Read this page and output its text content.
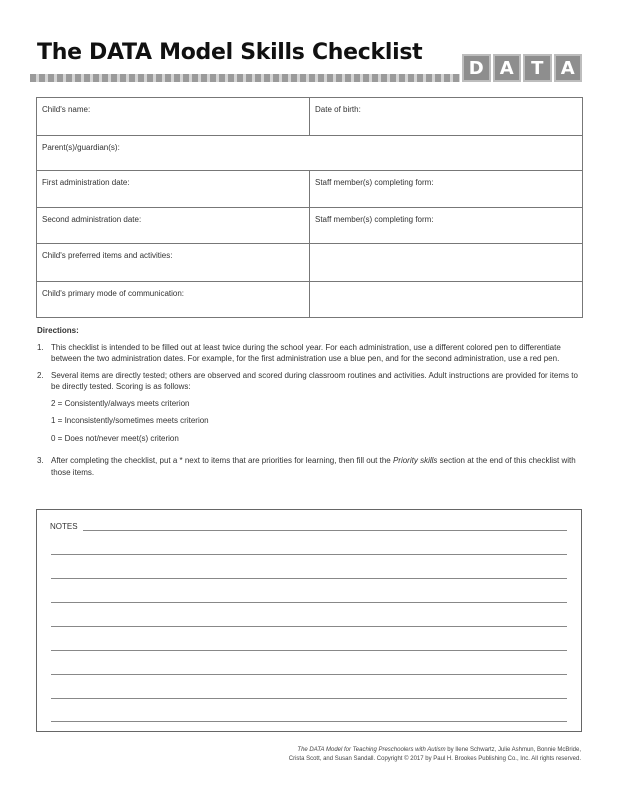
The DATA Model Skills Checklist
D A T A
Child's name:	Date of birth:
Parent(s)/guardian(s):	
First administration date:	Staff member(s) completing form:
Second administration date:	Staff member(s) completing form:
Child's preferred items and activities:	
Child's primary mode of communication:	
Directions:
1. This checklist is intended to be filled out at least twice during the school year. For each administration, use a different colored pen to differentiate between the two administration dates. For example, for the first administration use a blue pen, and for the second administration, use a red pen.
2. Several items are directly tested; others are observed and scored during classroom routines and activities. Adult instructions are provided for items to be directly tested. Scoring is as follows:
2 = Consistently/always meets criterion
1 = Inconsistently/sometimes meets criterion
0 = Does not/never meet(s) criterion
3. After completing the checklist, put a * next to items that are priorities for learning, then fill out the Priority skills section at the end of this checklist with those items.
NOTES
The DATA Model for Teaching Preschoolers with Autism by Ilene Schwartz, Julie Ashmun, Bonnie McBride,
Crista Scott, and Susan Sandall. Copyright © 2017 by Paul H. Brookes Publishing Co., Inc. All rights reserved.
